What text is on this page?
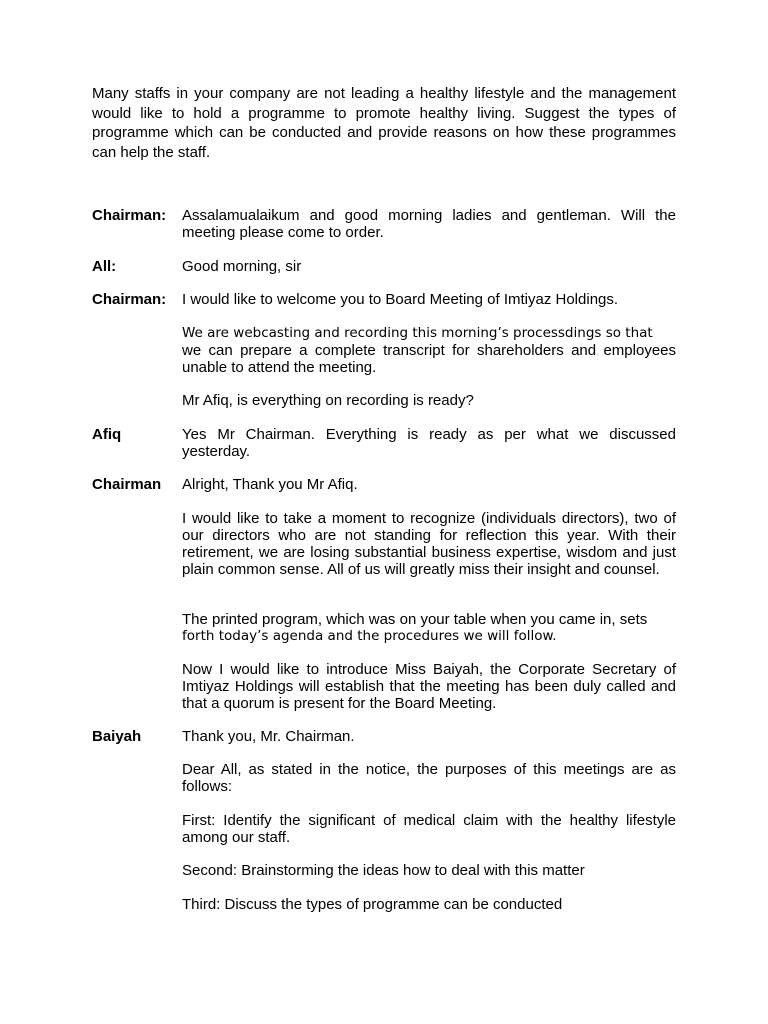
Many staffs in your company are not leading a healthy lifestyle and the management would like to hold a programme to promote healthy living. Suggest the types of programme which can be conducted and provide reasons on how these programmes can help the staff.

Chairman:	Assalamualaikum and good morning ladies and gentleman. Will the meeting please come to order.

All:	Good morning, sir

Chairman:	I would like to welcome you to Board Meeting of Imtiyaz Holdings.

We are webcasting and recording this morning’s processdings so that

we can prepare a complete transcript for shareholders and employees unable to attend the meeting.

Mr Afiq, is everything on recording is ready?

Afiq	Yes Mr Chairman. Everything is ready as per what we discussed yesterday.

Chairman	Alright, Thank you Mr Afiq.

I would like to take a moment to recognize (individuals directors), two of our directors who are not standing for reflection this year. With their retirement, we are losing substantial business expertise, wisdom and just plain common sense. All of us will greatly miss their insight and counsel.

The printed program, which was on your table when you came in, sets

forth today’s agenda and the procedures we will follow.

Now I would like to introduce Miss Baiyah, the Corporate Secretary of Imtiyaz Holdings will establish that the meeting has been duly called and that a quorum is present for the Board Meeting.

Baiyah	Thank you, Mr. Chairman.

Dear All, as stated in the notice, the purposes of this meetings are as follows:

First: Identify the significant of medical claim with the healthy lifestyle among our staff.

Second: Brainstorming the ideas how to deal with this matter

Third: Discuss the types of programme can be conducted
